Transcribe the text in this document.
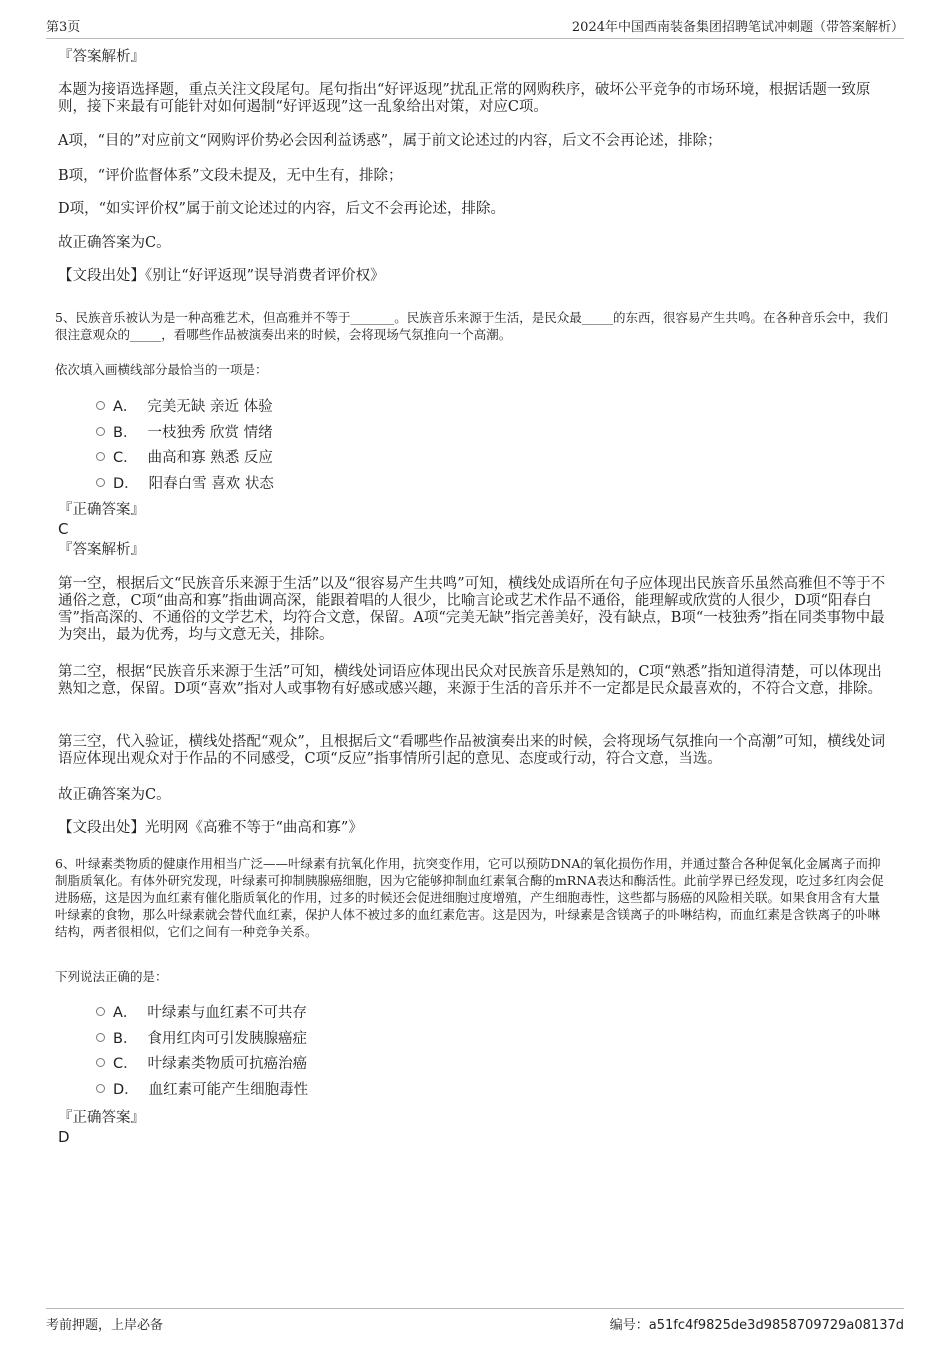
第3页	2024年中国西南装备集团招聘笔试冲刺题（带答案解析）
『答案解析』

本题为接语选择题，重点关注文段尾句。尾句指出“好评返现”扰乱正常的网购秩序，破坏公平竞争的市场环境，根据话题一致原则，接下来最有可能针对如何遏制“好评返现”这一乱象给出对策，对应C项。

A项，“目的”对应前文“网购评价势必会因利益诱惑”，属于前文论述过的内容，后文不会再论述，排除；

B项，“评价监督体系”文段未提及，无中生有，排除；

D项，“如实评价权”属于前文论述过的内容，后文不会再论述，排除。

故正确答案为C。

【文段出处】《别让“好评返现”误导消费者评价权》

5、民族音乐被认为是一种高雅艺术，但高雅并不等于_______。民族音乐来源于生活，是民众最_____的东西，很容易产生共鸣。在各种音乐会中，我们很注意观众的_____，看哪些作品被演奏出来的时候，会将现场气氛推向一个高潮。

依次填入画横线部分最恰当的一项是：

A． 完美无缺 亲近 体验
B． 一枝独秀 欣赏 情绪
C． 曲高和寡 熟悉 反应
D． 阳春白雪 喜欢 状态
『正确答案』
C
『答案解析』

第一空，根据后文“民族音乐来源于生活”以及“很容易产生共鸣”可知，横线处成语所在句子应体现出民族音乐虽然高雅但不等于不通俗之意，C项“曲高和寡”指曲调高深，能跟着唱的人很少，比喻言论或艺术作品不通俗，能理解或欣赏的人很少，D项“阳春白雪”指高深的、不通俗的文学艺术，均符合文意，保留。A项“完美无缺”指完善美好，没有缺点，B项“一枝独秀”指在同类事物中最为突出，最为优秀，均与文意无关，排除。

第二空，根据“民族音乐来源于生活”可知，横线处词语应体现出民众对民族音乐是熟知的，C项“熟悉”指知道得清楚，可以体现出熟知之意，保留。D项“喜欢”指对人或事物有好感或感兴趣，来源于生活的音乐并不一定都是民众最喜欢的，不符合文意，排除。

第三空，代入验证，横线处搭配“观众”，且根据后文“看哪些作品被演奏出来的时候，会将现场气氛推向一个高潮”可知，横线处词语应体现出观众对于作品的不同感受，C项“反应”指事情所引起的意见、态度或行动，符合文意，当选。

故正确答案为C。

【文段出处】光明网《高雅不等于“曲高和寡”》

6、叶绿素类物质的健康作用相当广泛——叶绿素有抗氧化作用，抗突变作用，它可以预防DNA的氧化损伤作用，并通过螯合各种促氧化金属离子而抑制脂质氧化。有体外研究发现，叶绿素可抑制胰腺癌细胞，因为它能够抑制血红素氧合酶的mRNA表达和酶活性。此前学界已经发现，吃过多红肉会促进肠癌，这是因为血红素有催化脂质氧化的作用，过多的时候还会促进细胞过度增殖，产生细胞毒性，这些都与肠癌的风险相关联。如果食用含有大量叶绿素的食物，那么叶绿素就会替代血红素，保护人体不被过多的血红素危害。这是因为，叶绿素是含镁离子的卟啉结构，而血红素是含铁离子的卟啉结构，两者很相似，它们之间有一种竞争关系。

下列说法正确的是：

A． 叶绿素与血红素不可共存
B． 食用红肉可引发胰腺癌症
C． 叶绿素类物质可抗癌治癌
D． 血红素可能产生细胞毒性
『正确答案』
D
考前押题，上岸必备	编号：a51fc4f9825de3d9858709729a08137d
